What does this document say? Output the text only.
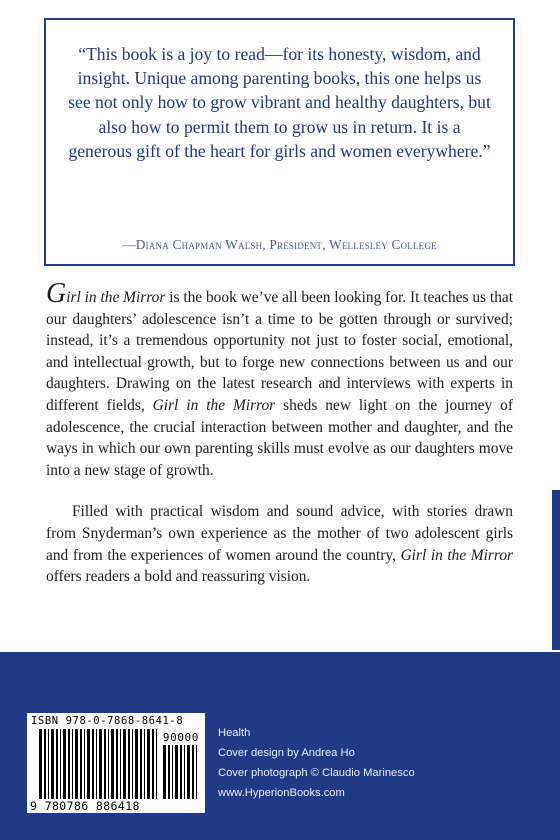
“This book is a joy to read—for its honesty, wisdom, and insight. Unique among parenting books, this one helps us see not only how to grow vibrant and healthy daughters, but also how to permit them to grow us in return. It is a generous gift of the heart for girls and women everywhere.”

—Diana Chapman Walsh, President, Wellesley College

Girl in the Mirror is the book we’ve all been looking for. It teaches us that our daughters’ adolescence isn’t a time to be gotten through or survived; instead, it’s a tremendous opportunity not just to foster social, emotional, and intellectual growth, but to forge new connections between us and our daughters. Drawing on the latest research and interviews with experts in different fields, Girl in the Mirror sheds new light on the journey of adolescence, the crucial interaction between mother and daughter, and the ways in which our own parenting skills must evolve as our daughters move into a new stage of growth.

Filled with practical wisdom and sound advice, with stories drawn from Snyderman’s own experience as the mother of two adolescent girls and from the experiences of women around the country, Girl in the Mirror offers readers a bold and reassuring vision.

ISBN 978-0-7868-8641-8
90000
9 780786 886418
Health
Cover design by Andrea Ho
Cover photograph © Claudio Marinesco
www.HyperionBooks.com
